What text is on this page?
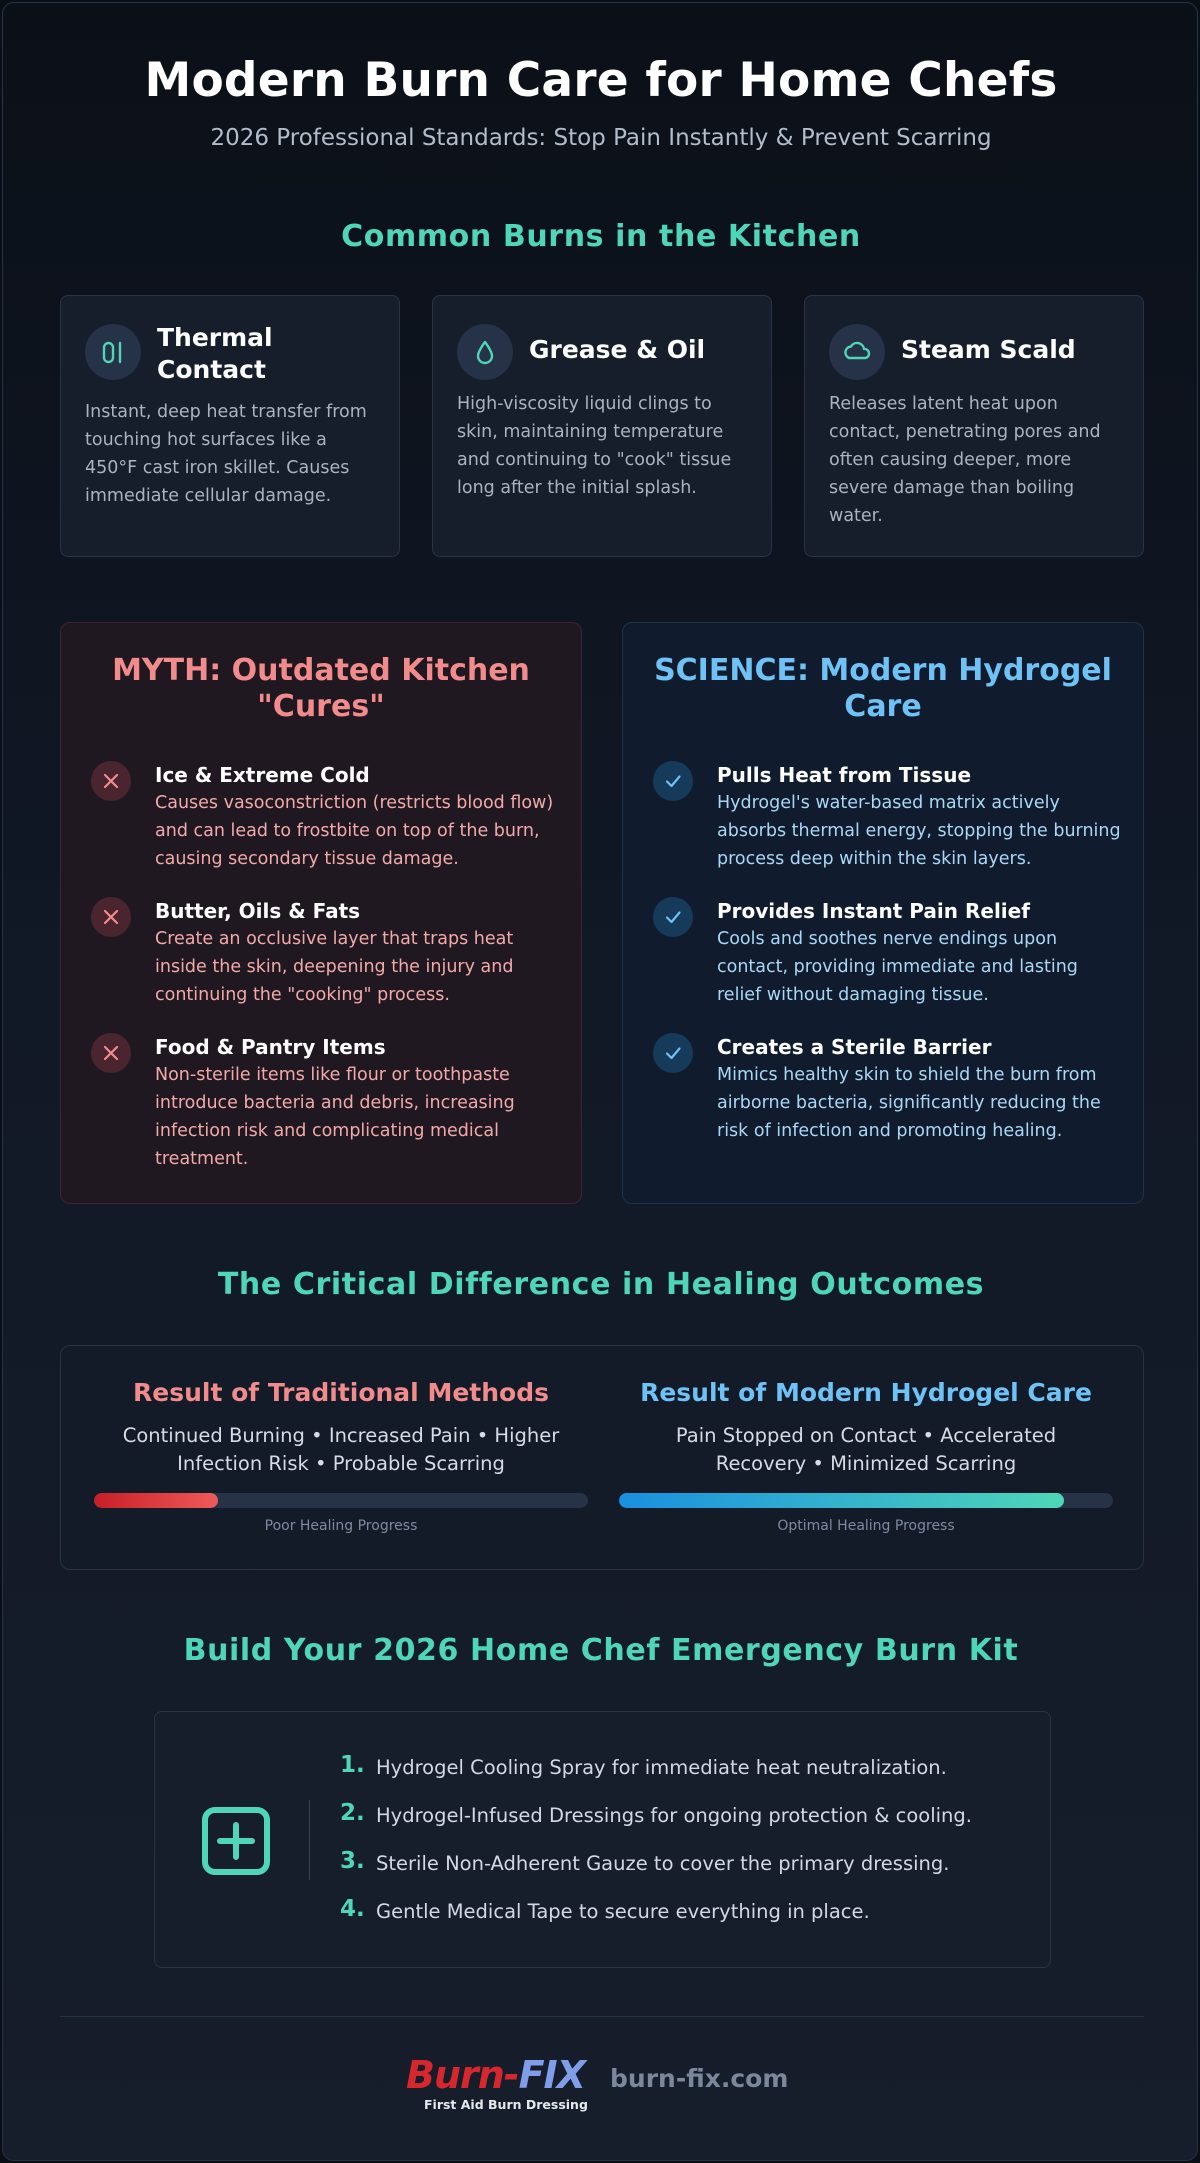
Modern Burn Care for Home Chefs
2026 Professional Standards: Stop Pain Instantly & Prevent Scarring
Common Burns in the Kitchen
Thermal Contact
Instant, deep heat transfer from touching hot surfaces like a 450°F cast iron skillet. Causes immediate cellular damage.
Grease & Oil
High-viscosity liquid clings to skin, maintaining temperature and continuing to "cook" tissue long after the initial splash.
Steam Scald
Releases latent heat upon contact, penetrating pores and often causing deeper, more severe damage than boiling water.
MYTH: Outdated Kitchen "Cures"
Ice & Extreme Cold
Causes vasoconstriction (restricts blood flow) and can lead to frostbite on top of the burn, causing secondary tissue damage.
Butter, Oils & Fats
Create an occlusive layer that traps heat inside the skin, deepening the injury and continuing the "cooking" process.
Food & Pantry Items
Non-sterile items like flour or toothpaste introduce bacteria and debris, increasing infection risk and complicating medical treatment.
SCIENCE: Modern Hydrogel Care
Pulls Heat from Tissue
Hydrogel's water-based matrix actively absorbs thermal energy, stopping the burning process deep within the skin layers.
Provides Instant Pain Relief
Cools and soothes nerve endings upon contact, providing immediate and lasting relief without damaging tissue.
Creates a Sterile Barrier
Mimics healthy skin to shield the burn from airborne bacteria, significantly reducing the risk of infection and promoting healing.
The Critical Difference in Healing Outcomes
Result of Traditional Methods
Continued Burning • Increased Pain • Higher Infection Risk • Probable Scarring
Poor Healing Progress
Result of Modern Hydrogel Care
Pain Stopped on Contact • Accelerated Recovery • Minimized Scarring
Optimal Healing Progress
Build Your 2026 Home Chef Emergency Burn Kit
1. Hydrogel Cooling Spray for immediate heat neutralization.
2. Hydrogel-Infused Dressings for ongoing protection & cooling.
3. Sterile Non-Adherent Gauze to cover the primary dressing.
4. Gentle Medical Tape to secure everything in place.
Burn-FIX
First Aid Burn Dressing
burn-fix.com
